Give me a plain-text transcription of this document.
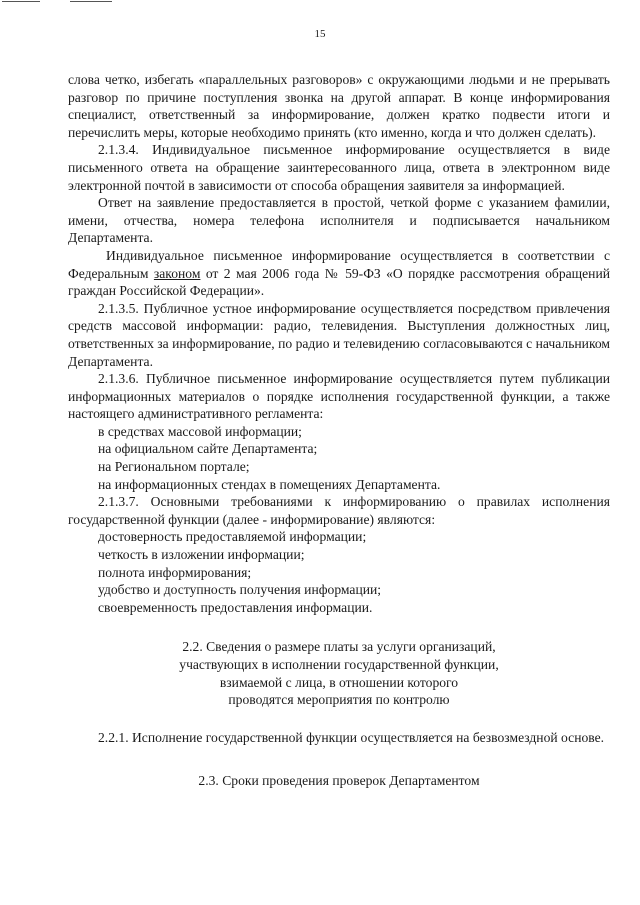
15

слова четко, избегать «параллельных разговоров» с окружающими людьми и не прерывать разговор по причине поступления звонка на другой аппарат. В конце информирования специалист, ответственный за информирование, должен кратко подвести итоги и перечислить меры, которые необходимо принять (кто именно, когда и что должен сделать).

2.1.3.4. Индивидуальное письменное информирование осуществляется в виде письменного ответа на обращение заинтересованного лица, ответа в электронном виде электронной почтой в зависимости от способа обращения заявителя за информацией.

Ответ на заявление предоставляется в простой, четкой форме с указанием фамилии, имени, отчества, номера телефона исполнителя и подписывается начальником Департамента.

Индивидуальное письменное информирование осуществляется в соответствии с Федеральным законом от 2 мая 2006 года № 59-ФЗ «О порядке рассмотрения обращений граждан Российской Федерации».

2.1.3.5. Публичное устное информирование осуществляется посредством привлечения средств массовой информации: радио, телевидения. Выступления должностных лиц, ответственных за информирование, по радио и телевидению согласовываются с начальником Департамента.

2.1.3.6. Публичное письменное информирование осуществляется путем публикации информационных материалов о порядке исполнения государственной функции, а также настоящего административного регламента:

в средствах массовой информации;

на официальном сайте Департамента;

на Региональном портале;

на информационных стендах в помещениях Департамента.

2.1.3.7. Основными требованиями к информированию о правилах исполнения государственной функции (далее - информирование) являются:

достоверность предоставляемой информации;

четкость в изложении информации;

полнота информирования;

удобство и доступность получения информации;

своевременность предоставления информации.

2.2. Сведения о размере платы за услуги организаций,
участвующих в исполнении государственной функции,
взимаемой с лица, в отношении которого
проводятся мероприятия по контролю

2.2.1. Исполнение государственной функции осуществляется на безвозмездной основе.

2.3. Сроки проведения проверок Департаментом
